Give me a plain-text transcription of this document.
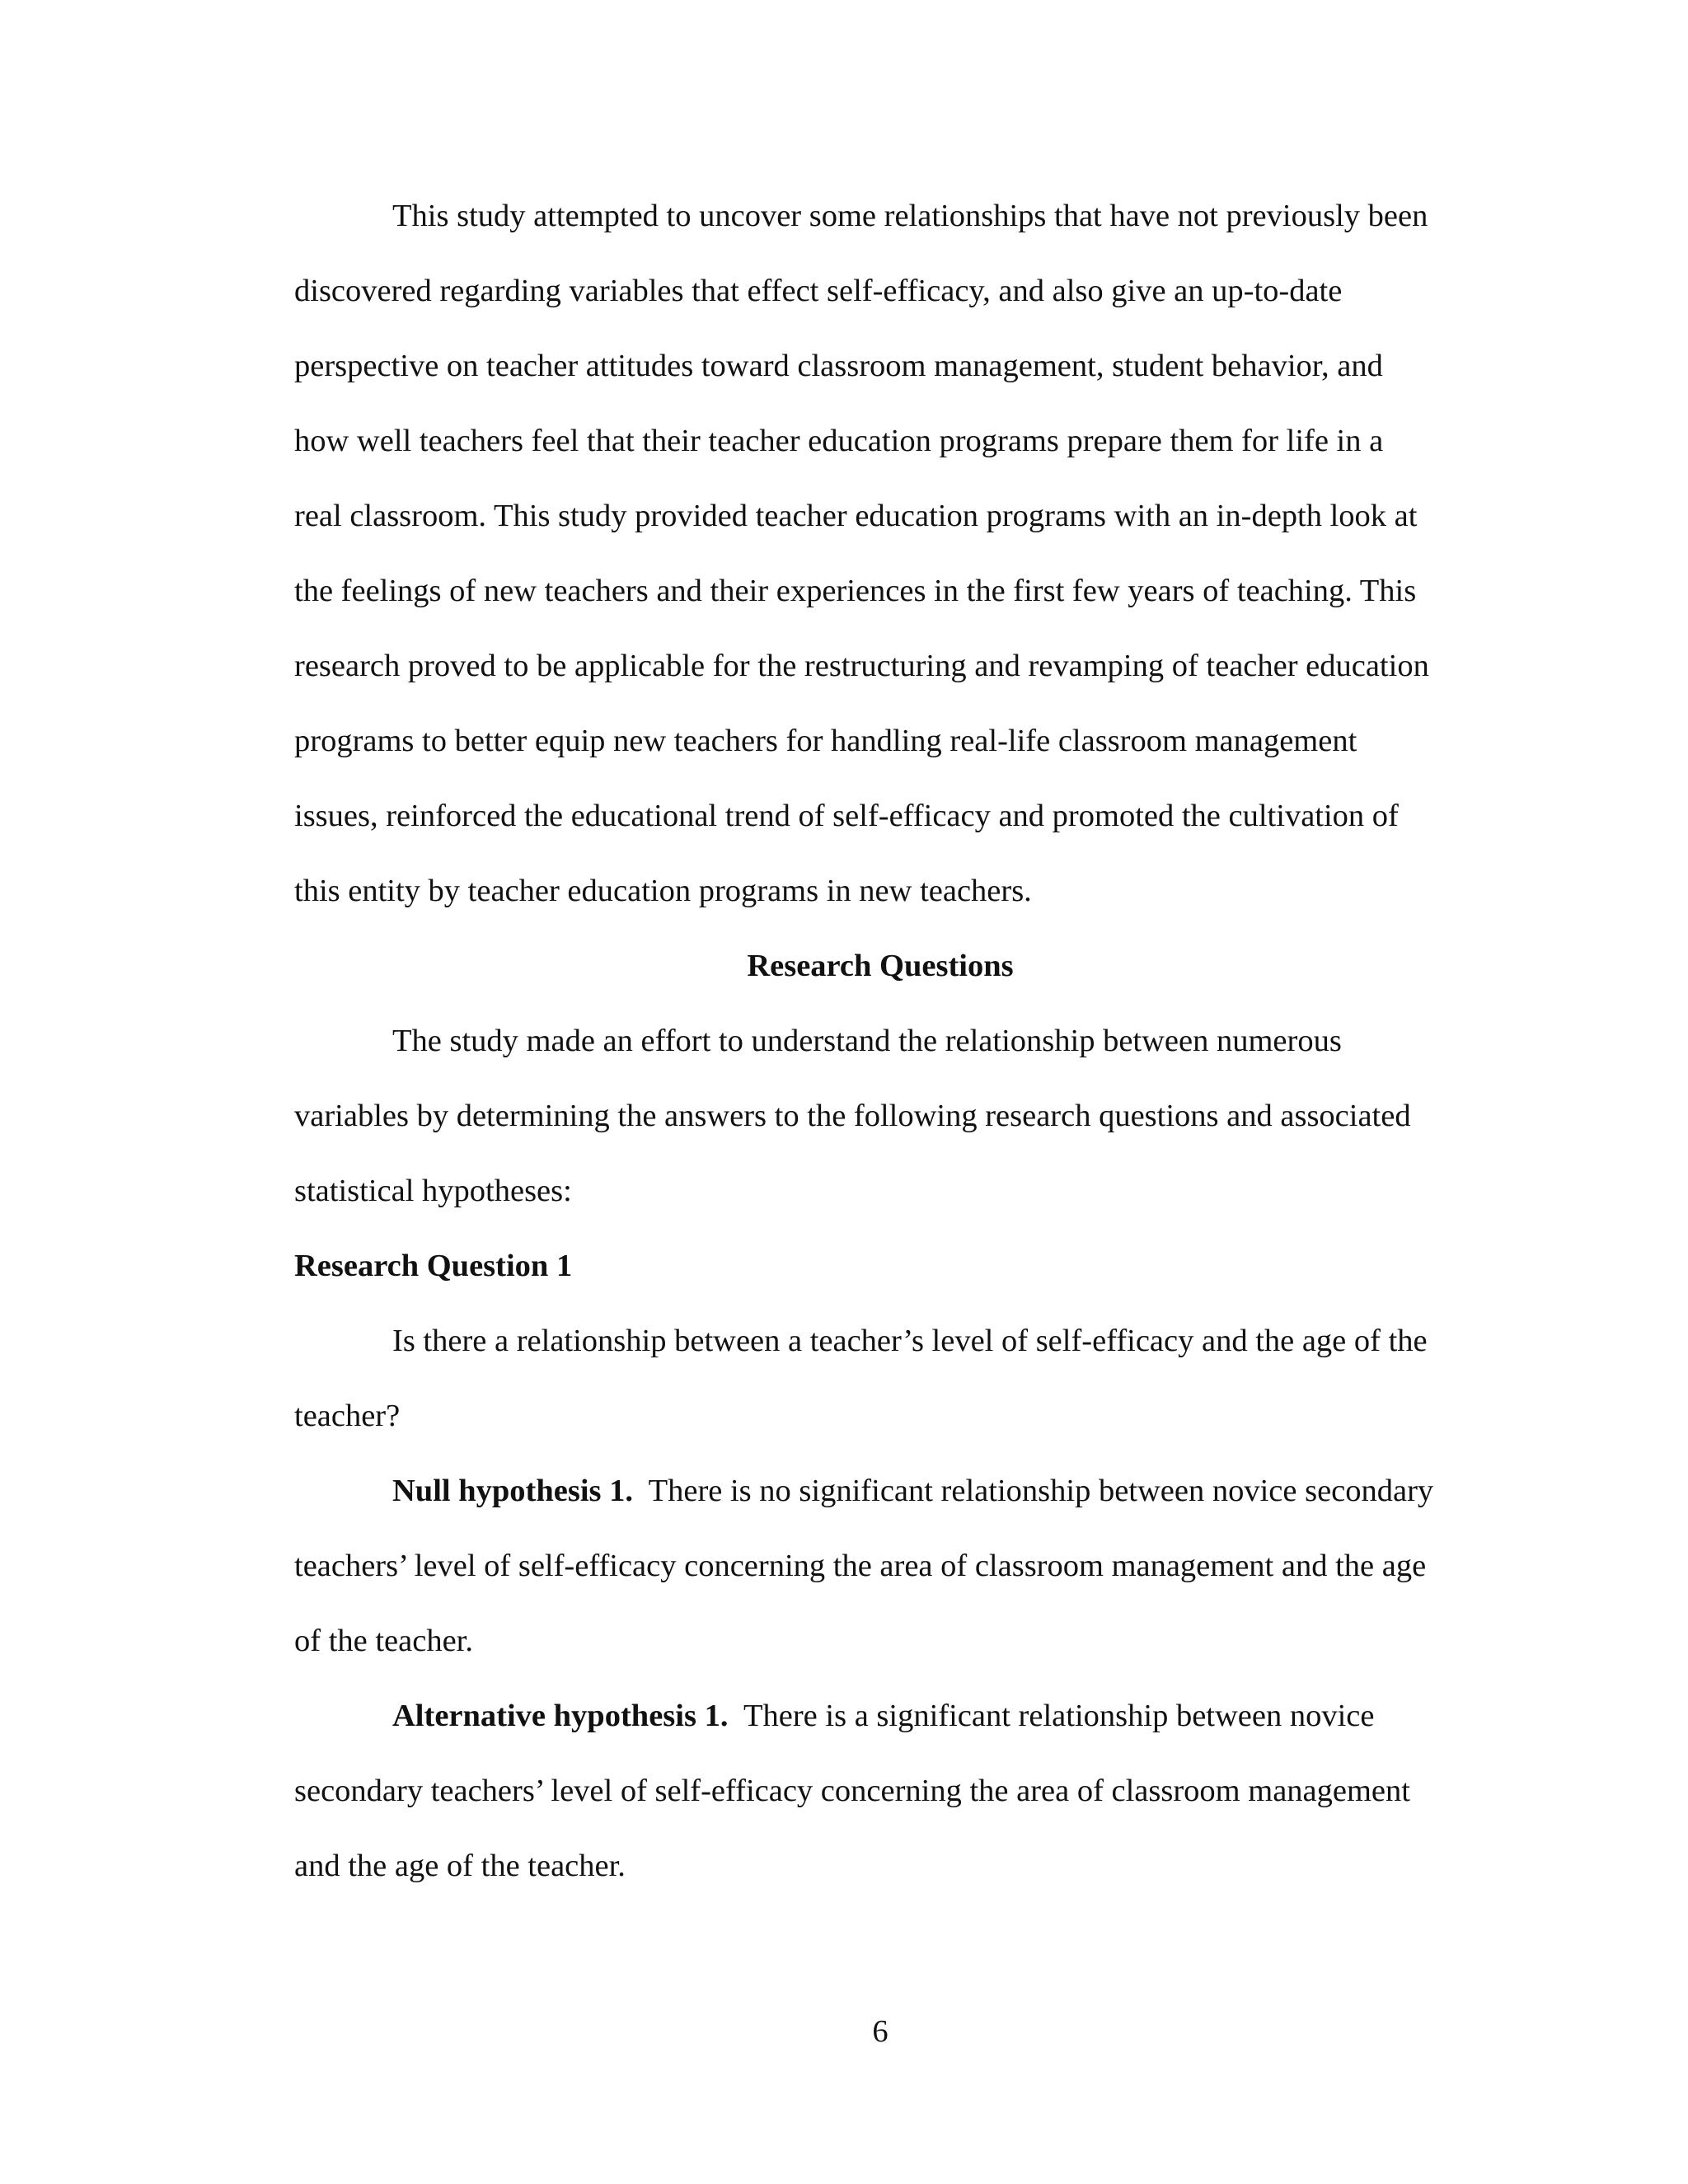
This study attempted to uncover some relationships that have not previously been
discovered regarding variables that effect self-efficacy, and also give an up-to-date
perspective on teacher attitudes toward classroom management, student behavior, and
how well teachers feel that their teacher education programs prepare them for life in a
real classroom. This study provided teacher education programs with an in-depth look at
the feelings of new teachers and their experiences in the first few years of teaching. This
research proved to be applicable for the restructuring and revamping of teacher education
programs to better equip new teachers for handling real-life classroom management
issues, reinforced the educational trend of self-efficacy and promoted the cultivation of
this entity by teacher education programs in new teachers.
Research Questions
The study made an effort to understand the relationship between numerous
variables by determining the answers to the following research questions and associated
statistical hypotheses:
Research Question 1
Is there a relationship between a teacher’s level of self-efficacy and the age of the
teacher?
Null hypothesis 1.  There is no significant relationship between novice secondary
teachers’ level of self-efficacy concerning the area of classroom management and the age
of the teacher.
Alternative hypothesis 1.  There is a significant relationship between novice
secondary teachers’ level of self-efficacy concerning the area of classroom management
and the age of the teacher.
6
